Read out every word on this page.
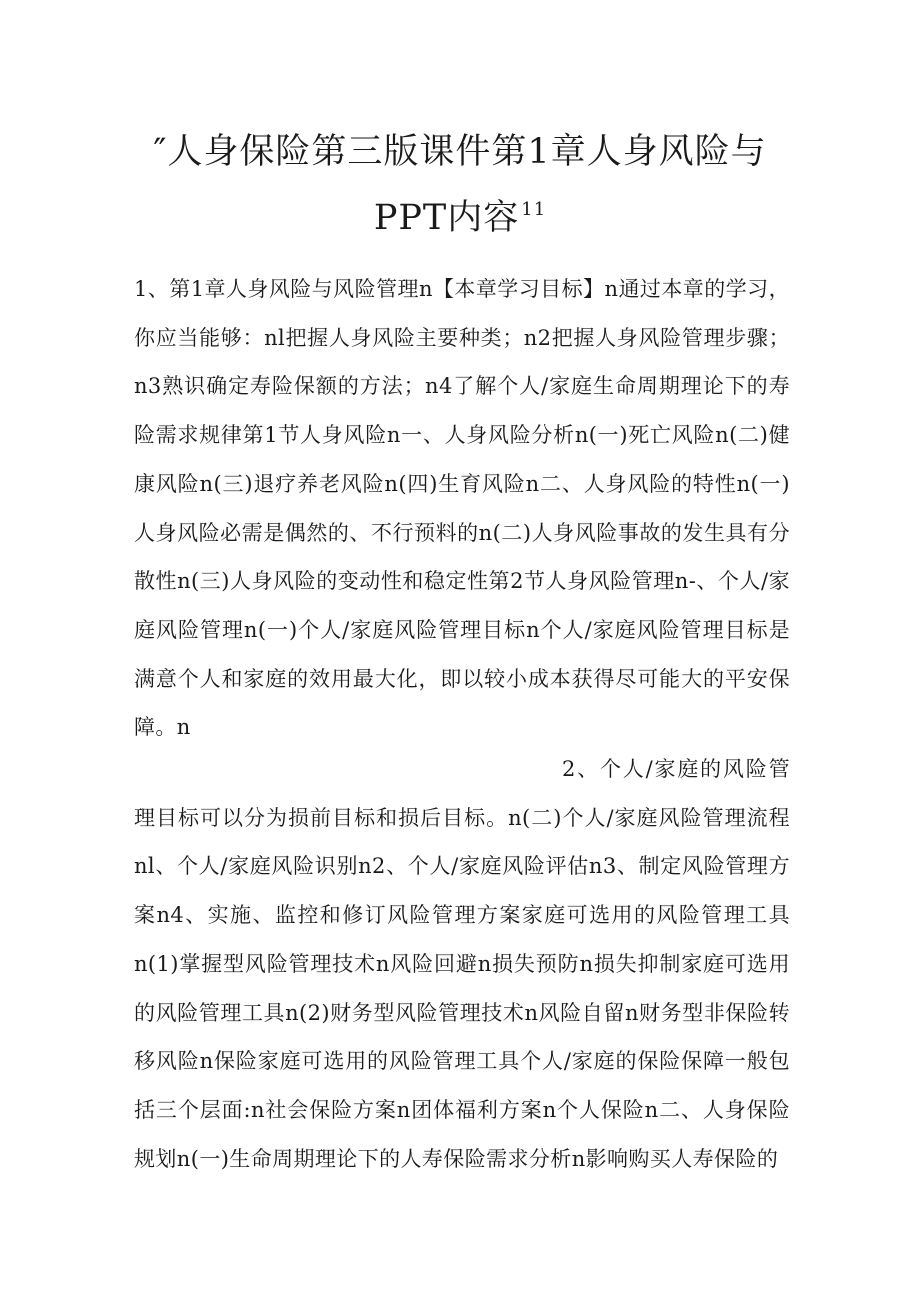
″人身保险第三版课件第1章人身风险与
PPT内容 $^{11}$

1、第1章人身风险与风险管理n【本章学习目标】n通过本章的学习，你应当能够：nl把握人身风险主要种类；n2把握人身风险管理步骤；n3熟识确定寿险保额的方法；n4了解个人/家庭生命周期理论下的寿险需求规律第1节人身风险n一、人身风险分析n(一)死亡风险n(二)健康风险n(三)退疗养老风险n(四)生育风险n二、人身风险的特性n(一)人身风险必需是偶然的、不行预料的n(二)人身风险事故的发生具有分散性n(三)人身风险的变动性和稳定性第2节人身风险管理n-、个人/家庭风险管理n(一)个人/家庭风险管理目标n个人/家庭风险管理目标是满意个人和家庭的效用最大化，即以较小成本获得尽可能大的平安保障。n

2、个人/家庭的风险管理目标可以分为损前目标和损后目标。n(二)个人/家庭风险管理流程nl、个人/家庭风险识别n2、个人/家庭风险评估n3、制定风险管理方案n4、实施、监控和修订风险管理方案家庭可选用的风险管理工具n(1)掌握型风险管理技术n风险回避n损失预防n损失抑制家庭可选用的风险管理工具n(2)财务型风险管理技术n风险自留n财务型非保险转移风险n保险家庭可选用的风险管理工具个人/家庭的保险保障一般包括三个层面:n社会保险方案n团体福利方案n个人保险n二、人身保险规划n(一)生命周期理论下的人寿保险需求分析n影响购买人寿保险的
